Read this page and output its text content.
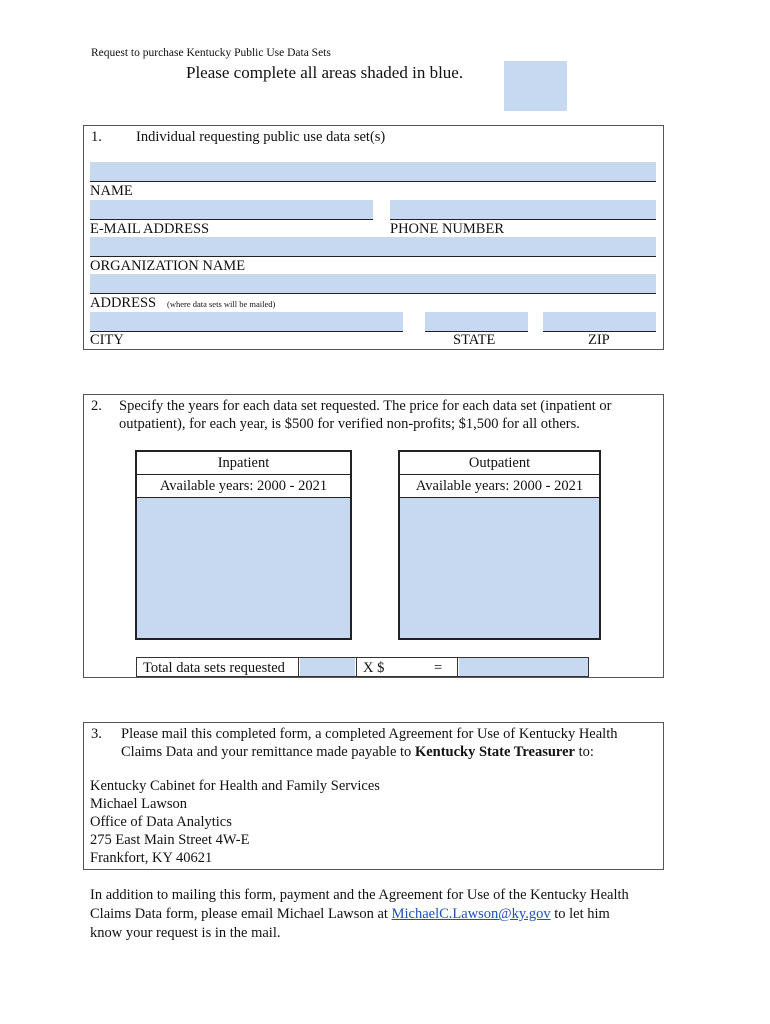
Request to purchase Kentucky Public Use Data Sets
Please complete all areas shaded in blue.
1. Individual requesting public use data set(s)
NAME
E-MAIL ADDRESS	PHONE NUMBER
ORGANIZATION NAME
ADDRESS (where data sets will be mailed)
CITY	STATE	ZIP
2. Specify the years for each data set requested. The price for each data set (inpatient or
outpatient), for each year, is $500 for verified non-profits; $1,500 for all others.
Inpatient
Available years: 2000 - 2021
Outpatient
Available years: 2000 - 2021
Total data sets requested	X $	=
3. Please mail this completed form, a completed Agreement for Use of Kentucky Health
Claims Data and your remittance made payable to Kentucky State Treasurer to:
Kentucky Cabinet for Health and Family Services
Michael Lawson
Office of Data Analytics
275 East Main Street 4W-E
Frankfort, KY 40621
In addition to mailing this form, payment and the Agreement for Use of the Kentucky Health
Claims Data form, please email Michael Lawson at MichaelC.Lawson@ky.gov to let him
know your request is in the mail.
